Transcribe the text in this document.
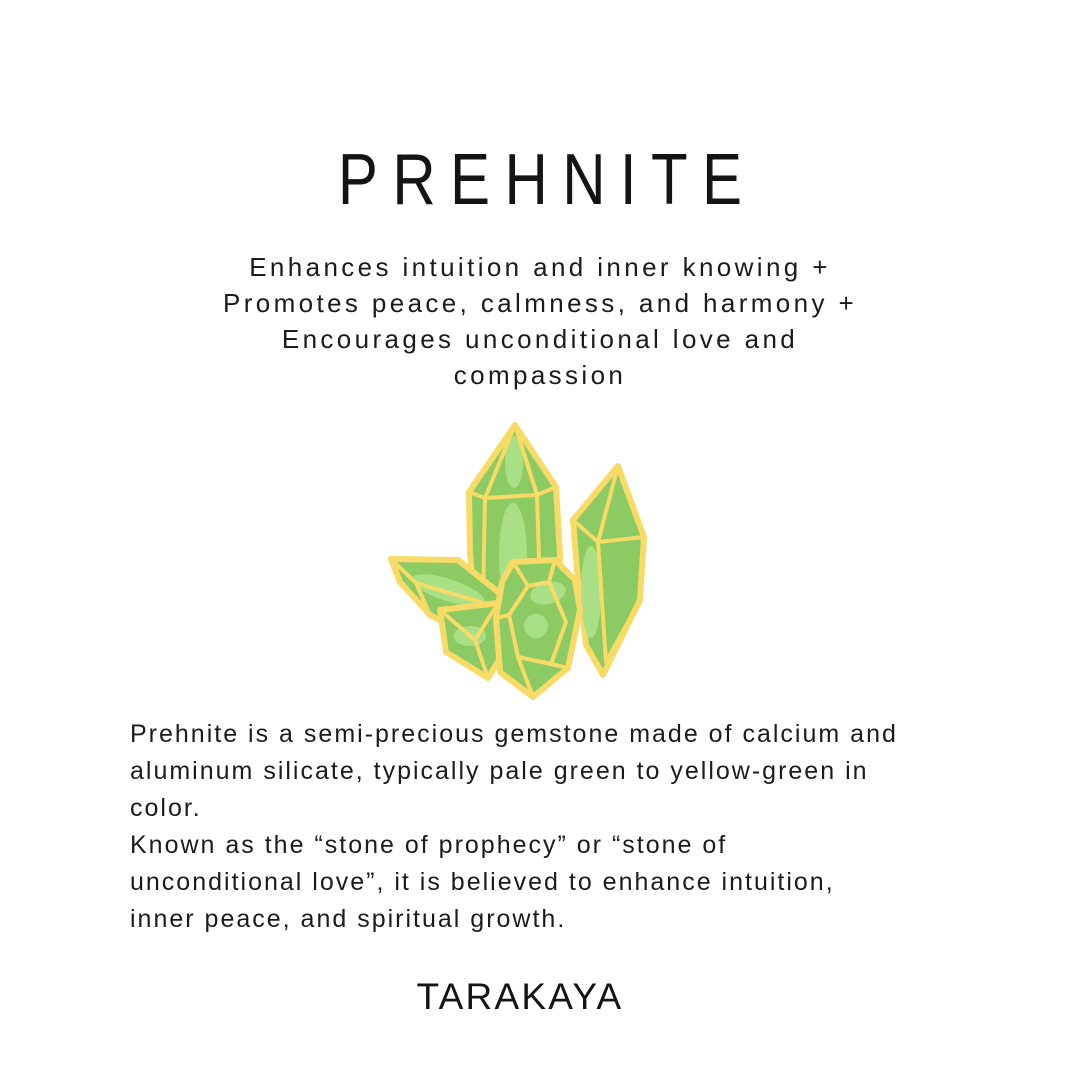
PREHNITE
Enhances intuition and inner knowing +
Promotes peace, calmness, and harmony +
Encourages unconditional love and
compassion
Prehnite is a semi-precious gemstone made of calcium and
aluminum silicate, typically pale green to yellow-green in
color.
Known as the “stone of prophecy” or “stone of
unconditional love”, it is believed to enhance intuition,
inner peace, and spiritual growth.
TARAKAYA
